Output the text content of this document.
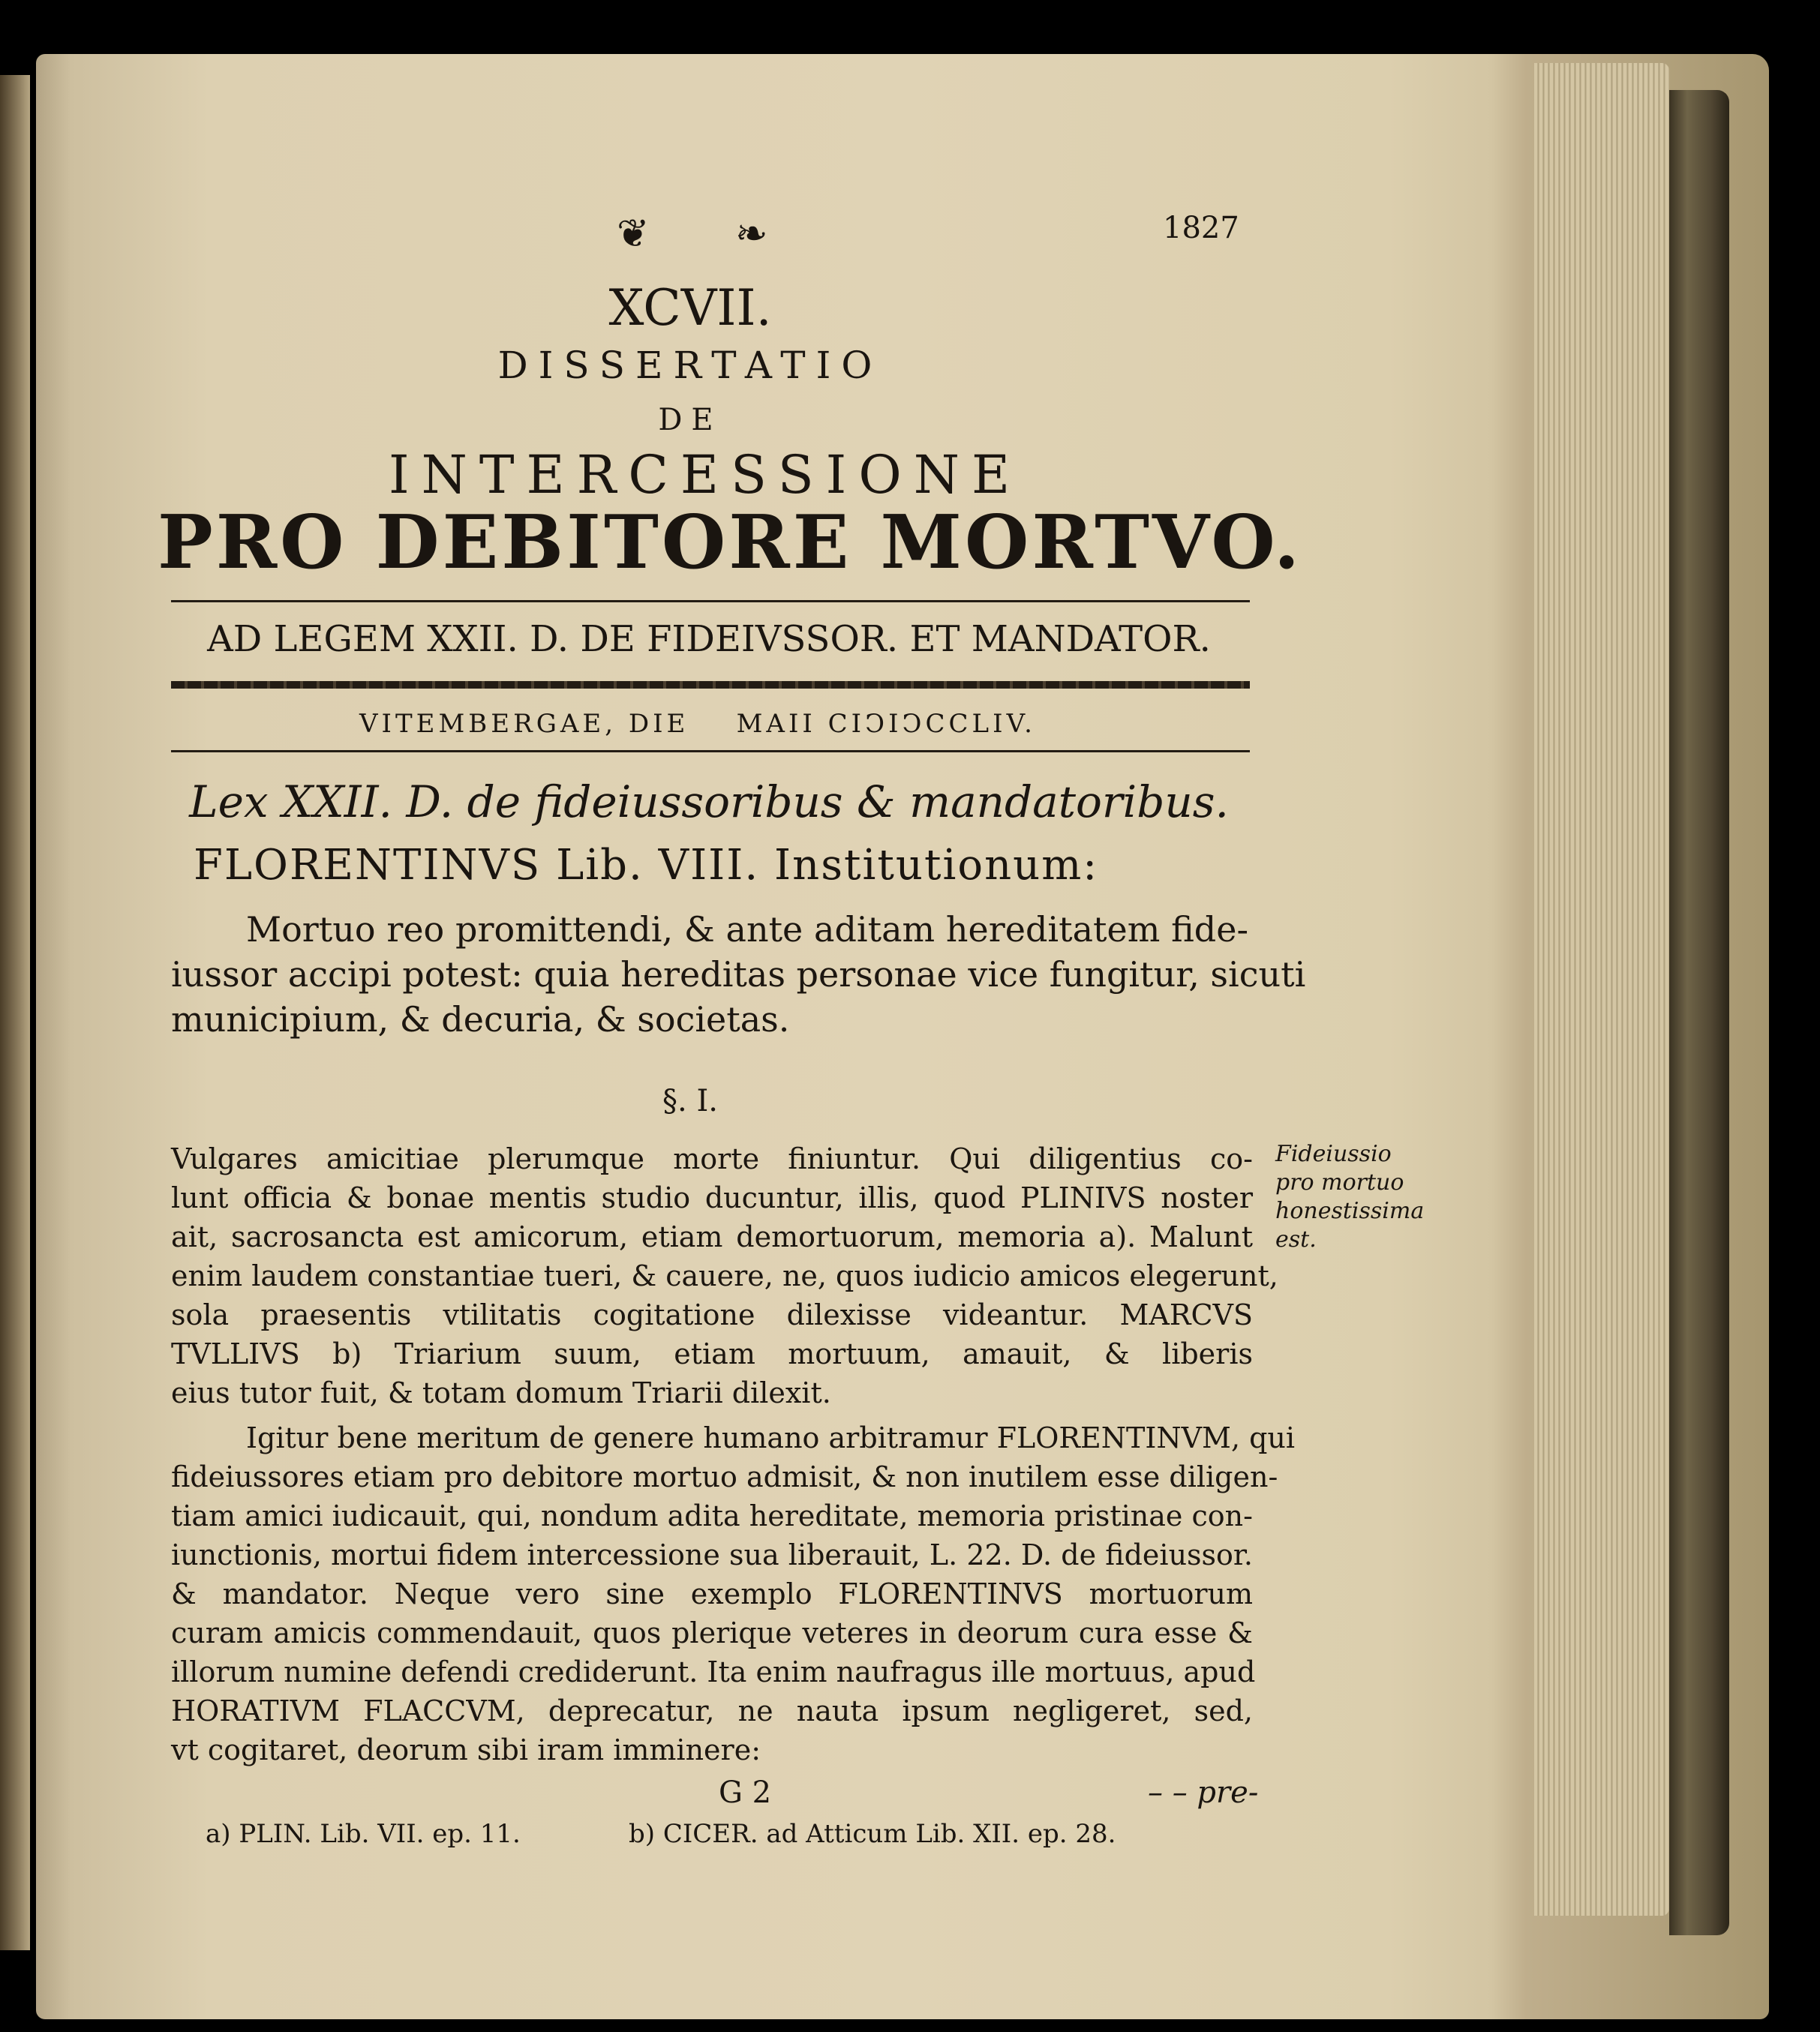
❦ ❧	1827
XCVII.
DISSERTATIO
DE
INTERCESSIONE
PRO DEBITORE MORTVO.
AD LEGEM XXII. D. DE FIDEIVSSOR. ET MANDATOR.
VITEMBERGAE, DIE    MAII CIↃIↃCCLIV.
Lex XXII. D. de fideiussoribus & mandatoribus.
FLORENTINVS Lib. VIII. Institutionum:
Mortuo reo promittendi, & ante aditam hereditatem fide-
iussor accipi potest: quia hereditas personae vice fungitur, sicuti
municipium, & decuria, & societas.
§. I.
Vulgares amicitiae plerumque morte finiuntur. Qui diligentius co-
lunt officia & bonae mentis studio ducuntur, illis, quod PLINIVS noster
ait, sacrosancta est amicorum, etiam demortuorum, memoria a). Malunt
enim laudem constantiae tueri, & cauere, ne, quos iudicio amicos elegerunt,
sola praesentis vtilitatis cogitatione dilexisse videantur. MARCVS
TVLLIVS b) Triarium suum, etiam mortuum, amauit, & liberis
eius tutor fuit, & totam domum Triarii dilexit.
Igitur bene meritum de genere humano arbitramur FLORENTINVM, qui
fideiussores etiam pro debitore mortuo admisit, & non inutilem esse diligen-
tiam amici iudicauit, qui, nondum adita hereditate, memoria pristinae con-
iunctionis, mortui fidem intercessione sua liberauit, L. 22. D. de fideiussor.
& mandator. Neque vero sine exemplo FLORENTINVS mortuorum
curam amicis commendauit, quos plerique veteres in deorum cura esse &
illorum numine defendi crediderunt. Ita enim naufragus ille mortuus, apud
HORATIVM FLACCVM, deprecatur, ne nauta ipsum negligeret, sed,
vt cogitaret, deorum sibi iram imminere:
Fideiussio
pro mortuo
honestissima
est.
G 2	– – pre-
a) PLIN. Lib. VII. ep. 11.	b) CICER. ad Atticum Lib. XII. ep. 28.
